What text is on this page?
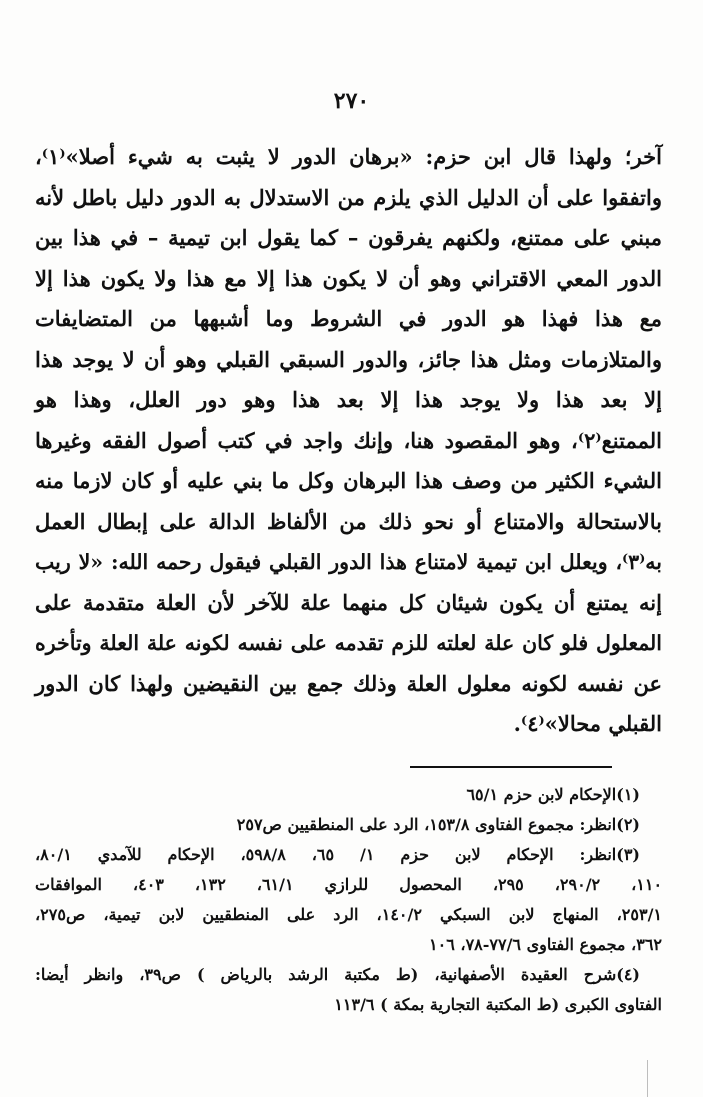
٢٧٠
آخر؛ ولهذا قال ابن حزم: «برهان الدور لا يثبت به شيء أصلا»⁽١⁾،
واتفقوا على أن الدليل الذي يلزم من الاستدلال به الدور دليل باطل لأنه
مبني على ممتنع، ولكنهم يفرقون – كما يقول ابن تيمية – في هذا بين
الدور المعي الاقتراني وهو أن لا يكون هذا إلا مع هذا ولا يكون هذا إلا
مع هذا فهذا هو الدور في الشروط وما أشبهها من المتضايفات
والمتلازمات ومثل هذا جائز، والدور السبقي القبلي وهو أن لا يوجد هذا
إلا بعد هذا ولا يوجد هذا إلا بعد هذا وهو دور العلل، وهذا هو
الممتنع⁽٢⁾، وهو المقصود هنا، وإنك واجد في كتب أصول الفقه وغيرها
الشيء الكثير من وصف هذا البرهان وكل ما بني عليه أو كان لازما منه
بالاستحالة والامتناع أو نحو ذلك من الألفاظ الدالة على إبطال العمل
به⁽٣⁾، ويعلل ابن تيمية لامتناع هذا الدور القبلي فيقول رحمه الله: «لا ريب
إنه يمتنع أن يكون شيئان كل منهما علة للآخر لأن العلة متقدمة على
المعلول فلو كان علة لعلته للزم تقدمه على نفسه لكونه علة العلة وتأخره
عن نفسه لكونه معلول العلة وذلك جمع بين النقيضين ولهذا كان الدور
القبلي محالا»⁽٤⁾.
(١)الإحكام لابن حزم ٦٥/١
(٢)انظر: مجموع الفتاوى ١٥٣/٨، الرد على المنطقيين ص٢٥٧
(٣)انظر: الإحكام لابن حزم ١/ ٦٥، ٥٩٨/٨، الإحكام للآمدي ٨٠/١،
١١٠، ٢٩٠/٢، ٢٩٥، المحصول للرازي ٦١/١، ١٣٢، ٤٠٣، الموافقات
٢٥٣/١، المنهاج لابن السبكي ١٤٠/٢، الرد على المنطقيين لابن تيمية، ص٢٧٥،
٣٦٢، مجموع الفتاوى ٧٧/٦-٧٨، ١٠٦
(٤)شرح العقيدة الأصفهانية، (ط مكتبة الرشد بالرياض ) ص٣٩، وانظر أيضا:
الفتاوى الكبرى (ط المكتبة التجارية بمكة ) ١١٣/٦
